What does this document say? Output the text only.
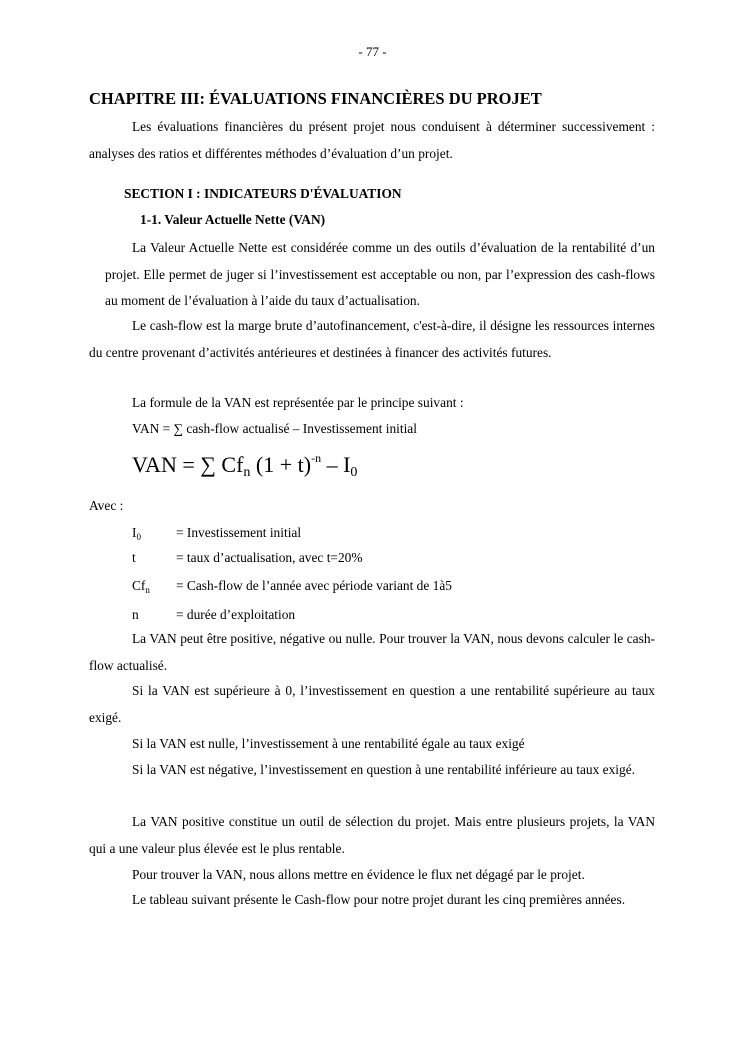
- 77 -
CHAPITRE III: ÉVALUATIONS FINANCIÈRES DU PROJET
Les évaluations financières du présent projet nous conduisent à déterminer successivement : analyses des ratios et différentes méthodes d’évaluation d’un projet.
SECTION I : INDICATEURS D'ÉVALUATION
1-1. Valeur Actuelle Nette (VAN)
La Valeur Actuelle Nette est considérée comme un des outils d’évaluation de la rentabilité d’un projet. Elle permet de juger si l’investissement est acceptable ou non, par l’expression des cash-flows au moment de l’évaluation à l’aide du taux d’actualisation.
Le cash-flow est la marge brute d’autofinancement, c'est-à-dire, il désigne les ressources internes du centre provenant d’activités antérieures et destinées à financer des activités futures.
La formule de la VAN est représentée par le principe suivant :
VAN = ∑ cash-flow actualisé – Investissement initial
VAN = ∑ $Cf_n$ $(1 + t)^{-n} - I_0$
Avec :
$I_0$	= Investissement initial
t	= taux d’actualisation, avec t=20%
$Cf_n$ = Cash-flow de l’année avec période variant de 1à5
n	= durée d’exploitation
La VAN peut être positive, négative ou nulle. Pour trouver la VAN, nous devons calculer le cash-flow actualisé.
Si la VAN est supérieure à 0, l’investissement en question a une rentabilité supérieure au taux exigé.
Si la VAN est nulle, l’investissement à une rentabilité égale au taux exigé
Si la VAN est négative, l’investissement en question à une rentabilité inférieure au taux exigé.
La VAN positive constitue un outil de sélection du projet. Mais entre plusieurs projets, la VAN qui a une valeur plus élevée est le plus rentable.
Pour trouver la VAN, nous allons mettre en évidence le flux net dégagé par le projet.
Le tableau suivant présente le Cash-flow pour notre projet durant les cinq premières années.
